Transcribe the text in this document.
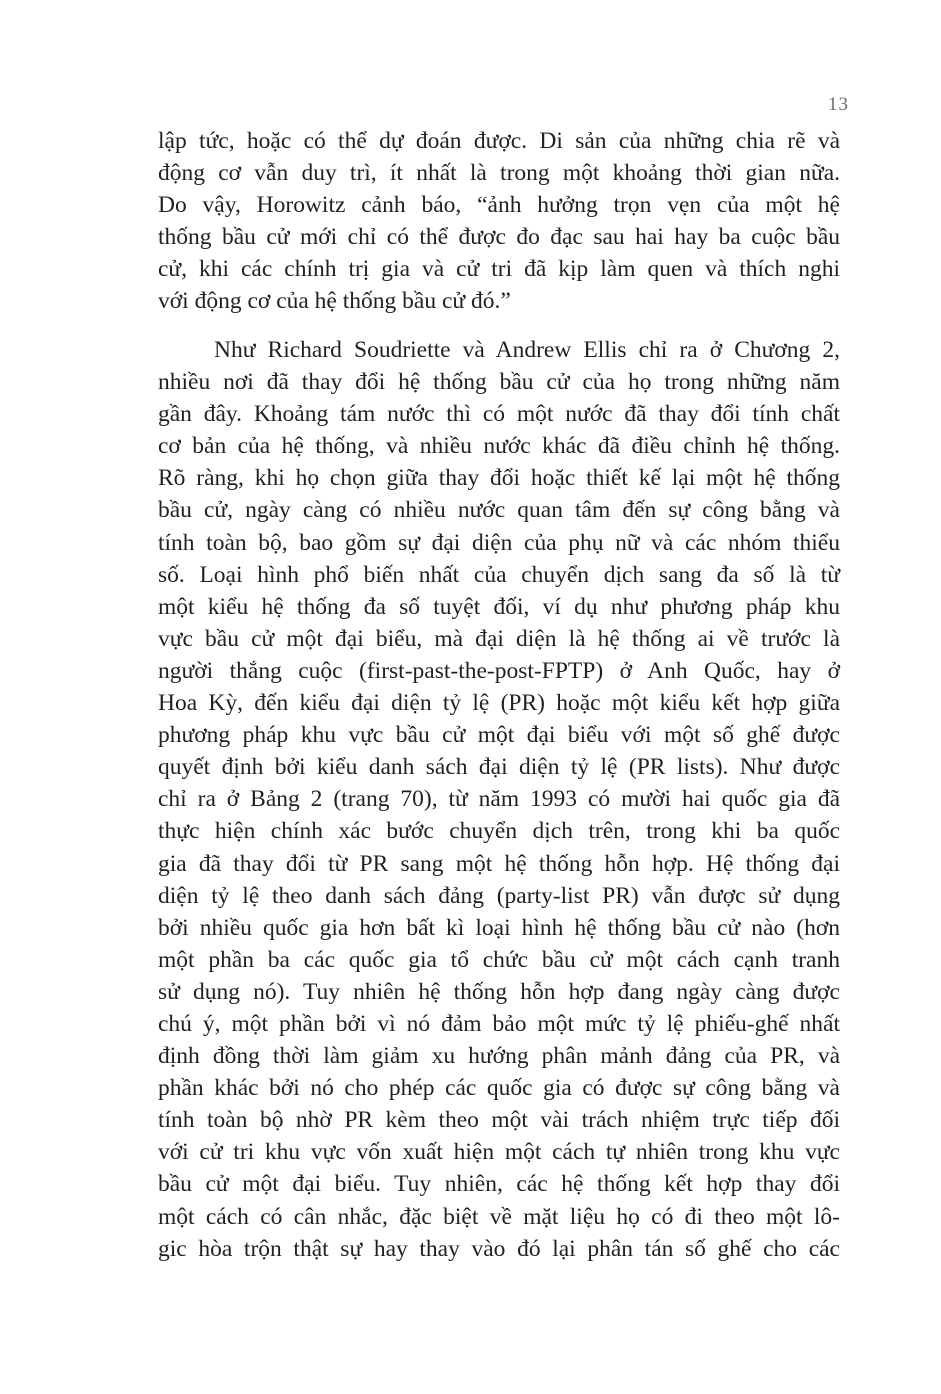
13
lập tức, hoặc có thể dự đoán được. Di sản của những chia rẽ và
động cơ vẫn duy trì, ít nhất là trong một khoảng thời gian nữa.
Do vậy, Horowitz cảnh báo, “ảnh hưởng trọn vẹn của một hệ
thống bầu cử mới chỉ có thể được đo đạc sau hai hay ba cuộc bầu
cử, khi các chính trị gia và cử tri đã kịp làm quen và thích nghi
với động cơ của hệ thống bầu cử đó.”
Như Richard Soudriette và Andrew Ellis chỉ ra ở Chương 2,
nhiều nơi đã thay đổi hệ thống bầu cử của họ trong những năm
gần đây. Khoảng tám nước thì có một nước đã thay đổi tính chất
cơ bản của hệ thống, và nhiều nước khác đã điều chỉnh hệ thống.
Rõ ràng, khi họ chọn giữa thay đổi hoặc thiết kế lại một hệ thống
bầu cử, ngày càng có nhiều nước quan tâm đến sự công bằng và
tính toàn bộ, bao gồm sự đại diện của phụ nữ và các nhóm thiểu
số. Loại hình phổ biến nhất của chuyển dịch sang đa số là từ
một kiểu hệ thống đa số tuyệt đối, ví dụ như phương pháp khu
vực bầu cử một đại biểu, mà đại diện là hệ thống ai về trước là
người thắng cuộc (first-past-the-post-FPTP) ở Anh Quốc, hay ở
Hoa Kỳ, đến kiểu đại diện tỷ lệ (PR) hoặc một kiểu kết hợp giữa
phương pháp khu vực bầu cử một đại biểu với một số ghế được
quyết định bởi kiểu danh sách đại diện tỷ lệ (PR lists). Như được
chỉ ra ở Bảng 2 (trang 70), từ năm 1993 có mười hai quốc gia đã
thực hiện chính xác bước chuyển dịch trên, trong khi ba quốc
gia đã thay đổi từ PR sang một hệ thống hỗn hợp. Hệ thống đại
diện tỷ lệ theo danh sách đảng (party-list PR) vẫn được sử dụng
bởi nhiều quốc gia hơn bất kì loại hình hệ thống bầu cử nào (hơn
một phần ba các quốc gia tổ chức bầu cử một cách cạnh tranh
sử dụng nó). Tuy nhiên hệ thống hỗn hợp đang ngày càng được
chú ý, một phần bởi vì nó đảm bảo một mức tỷ lệ phiếu-ghế nhất
định đồng thời làm giảm xu hướng phân mảnh đảng của PR, và
phần khác bởi nó cho phép các quốc gia có được sự công bằng và
tính toàn bộ nhờ PR kèm theo một vài trách nhiệm trực tiếp đối
với cử tri khu vực vốn xuất hiện một cách tự nhiên trong khu vực
bầu cử một đại biểu. Tuy nhiên, các hệ thống kết hợp thay đổi
một cách có cân nhắc, đặc biệt về mặt liệu họ có đi theo một lô-
gic hòa trộn thật sự hay thay vào đó lại phân tán số ghế cho các
